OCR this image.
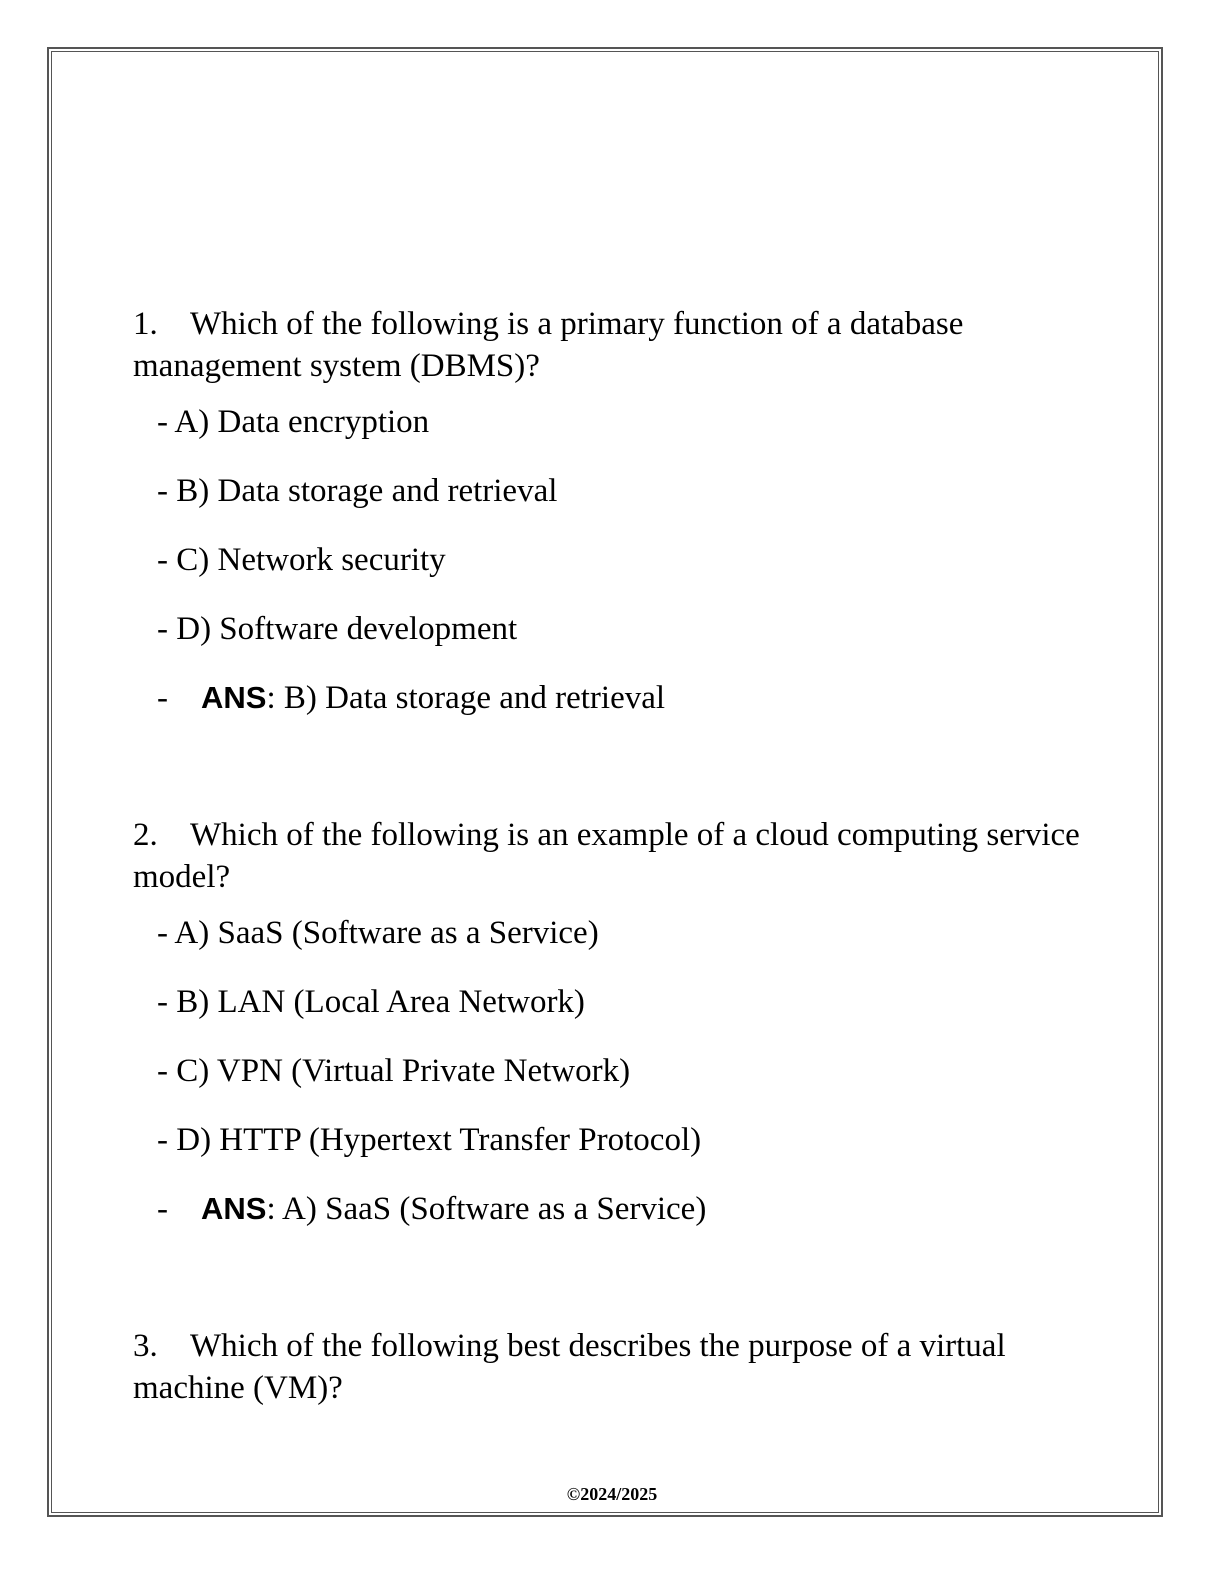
1. Which of the following is a primary function of a database management system (DBMS)?

- A) Data encryption
- B) Data storage and retrieval
- C) Network security
- D) Software development
- ANS: B) Data storage and retrieval

2. Which of the following is an example of a cloud computing service model?

- A) SaaS (Software as a Service)
- B) LAN (Local Area Network)
- C) VPN (Virtual Private Network)
- D) HTTP (Hypertext Transfer Protocol)
- ANS: A) SaaS (Software as a Service)

3. Which of the following best describes the purpose of a virtual machine (VM)?

©2024/2025
